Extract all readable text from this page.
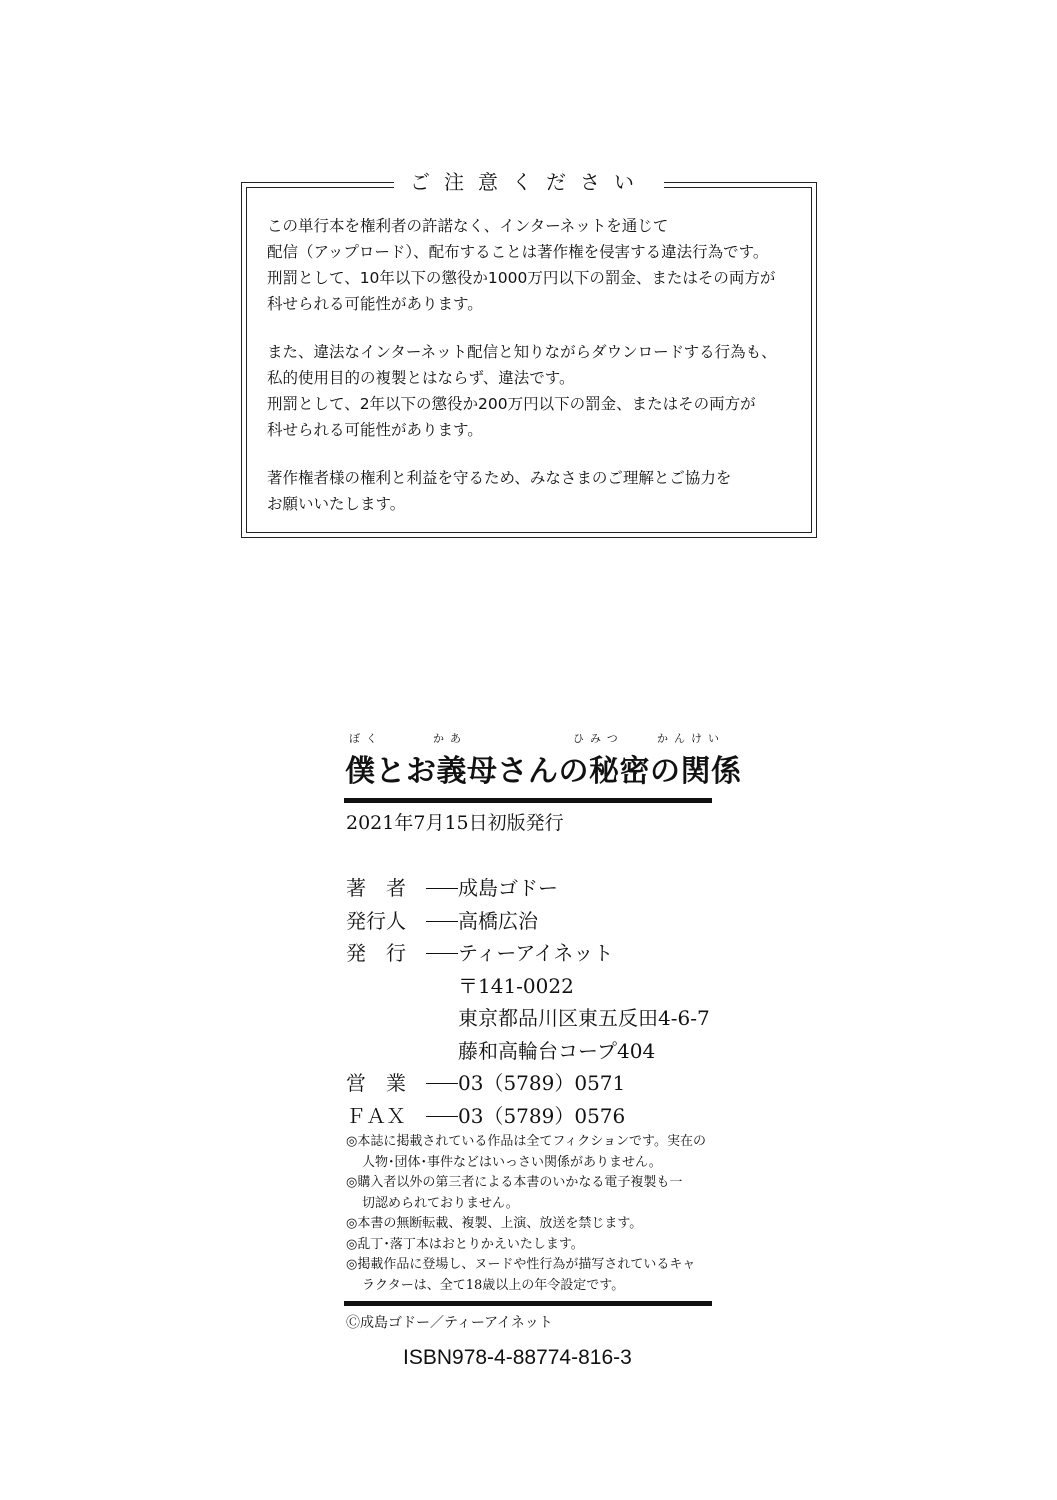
ご注意ください

この単行本を権利者の許諾なく、インターネットを通じて
配信（アップロード）、配布することは著作権を侵害する違法行為です。
刑罰として、10年以下の懲役か1000万円以下の罰金、またはその両方が
科せられる可能性があります。

また、違法なインターネット配信と知りながらダウンロードする行為も、
私的使用目的の複製とはならず、違法です。
刑罰として、2年以下の懲役か200万円以下の罰金、またはその両方が
科せられる可能性があります。

著作権者様の権利と利益を守るため、みなさまのご理解とご協力を
お願いいたします。

ぼく	かあ	ひみつ	かんけい
僕とお義母さんの秘密の関係
2021年7月15日初版発行
著　者	成島ゴドー
発行人	高橋広治
発　行	ティーアイネット
〒141-0022
東京都品川区東五反田4-6-7
藤和高輪台コープ404
営　業	03（5789）0571
ＦＡＸ	03（5789）0576
◎本誌に掲載されている作品は全てフィクションです。実在の
人物･団体･事件などはいっさい関係がありません。
◎購入者以外の第三者による本書のいかなる電子複製も一
切認められておりません。
◎本書の無断転載、複製、上演、放送を禁じます。
◎乱丁･落丁本はおとりかえいたします。
◎掲載作品に登場し、ヌードや性行為が描写されているキャ
ラクターは、全て18歳以上の年令設定です。
Ⓒ成島ゴドー／ティーアイネット
ISBN978-4-88774-816-3
